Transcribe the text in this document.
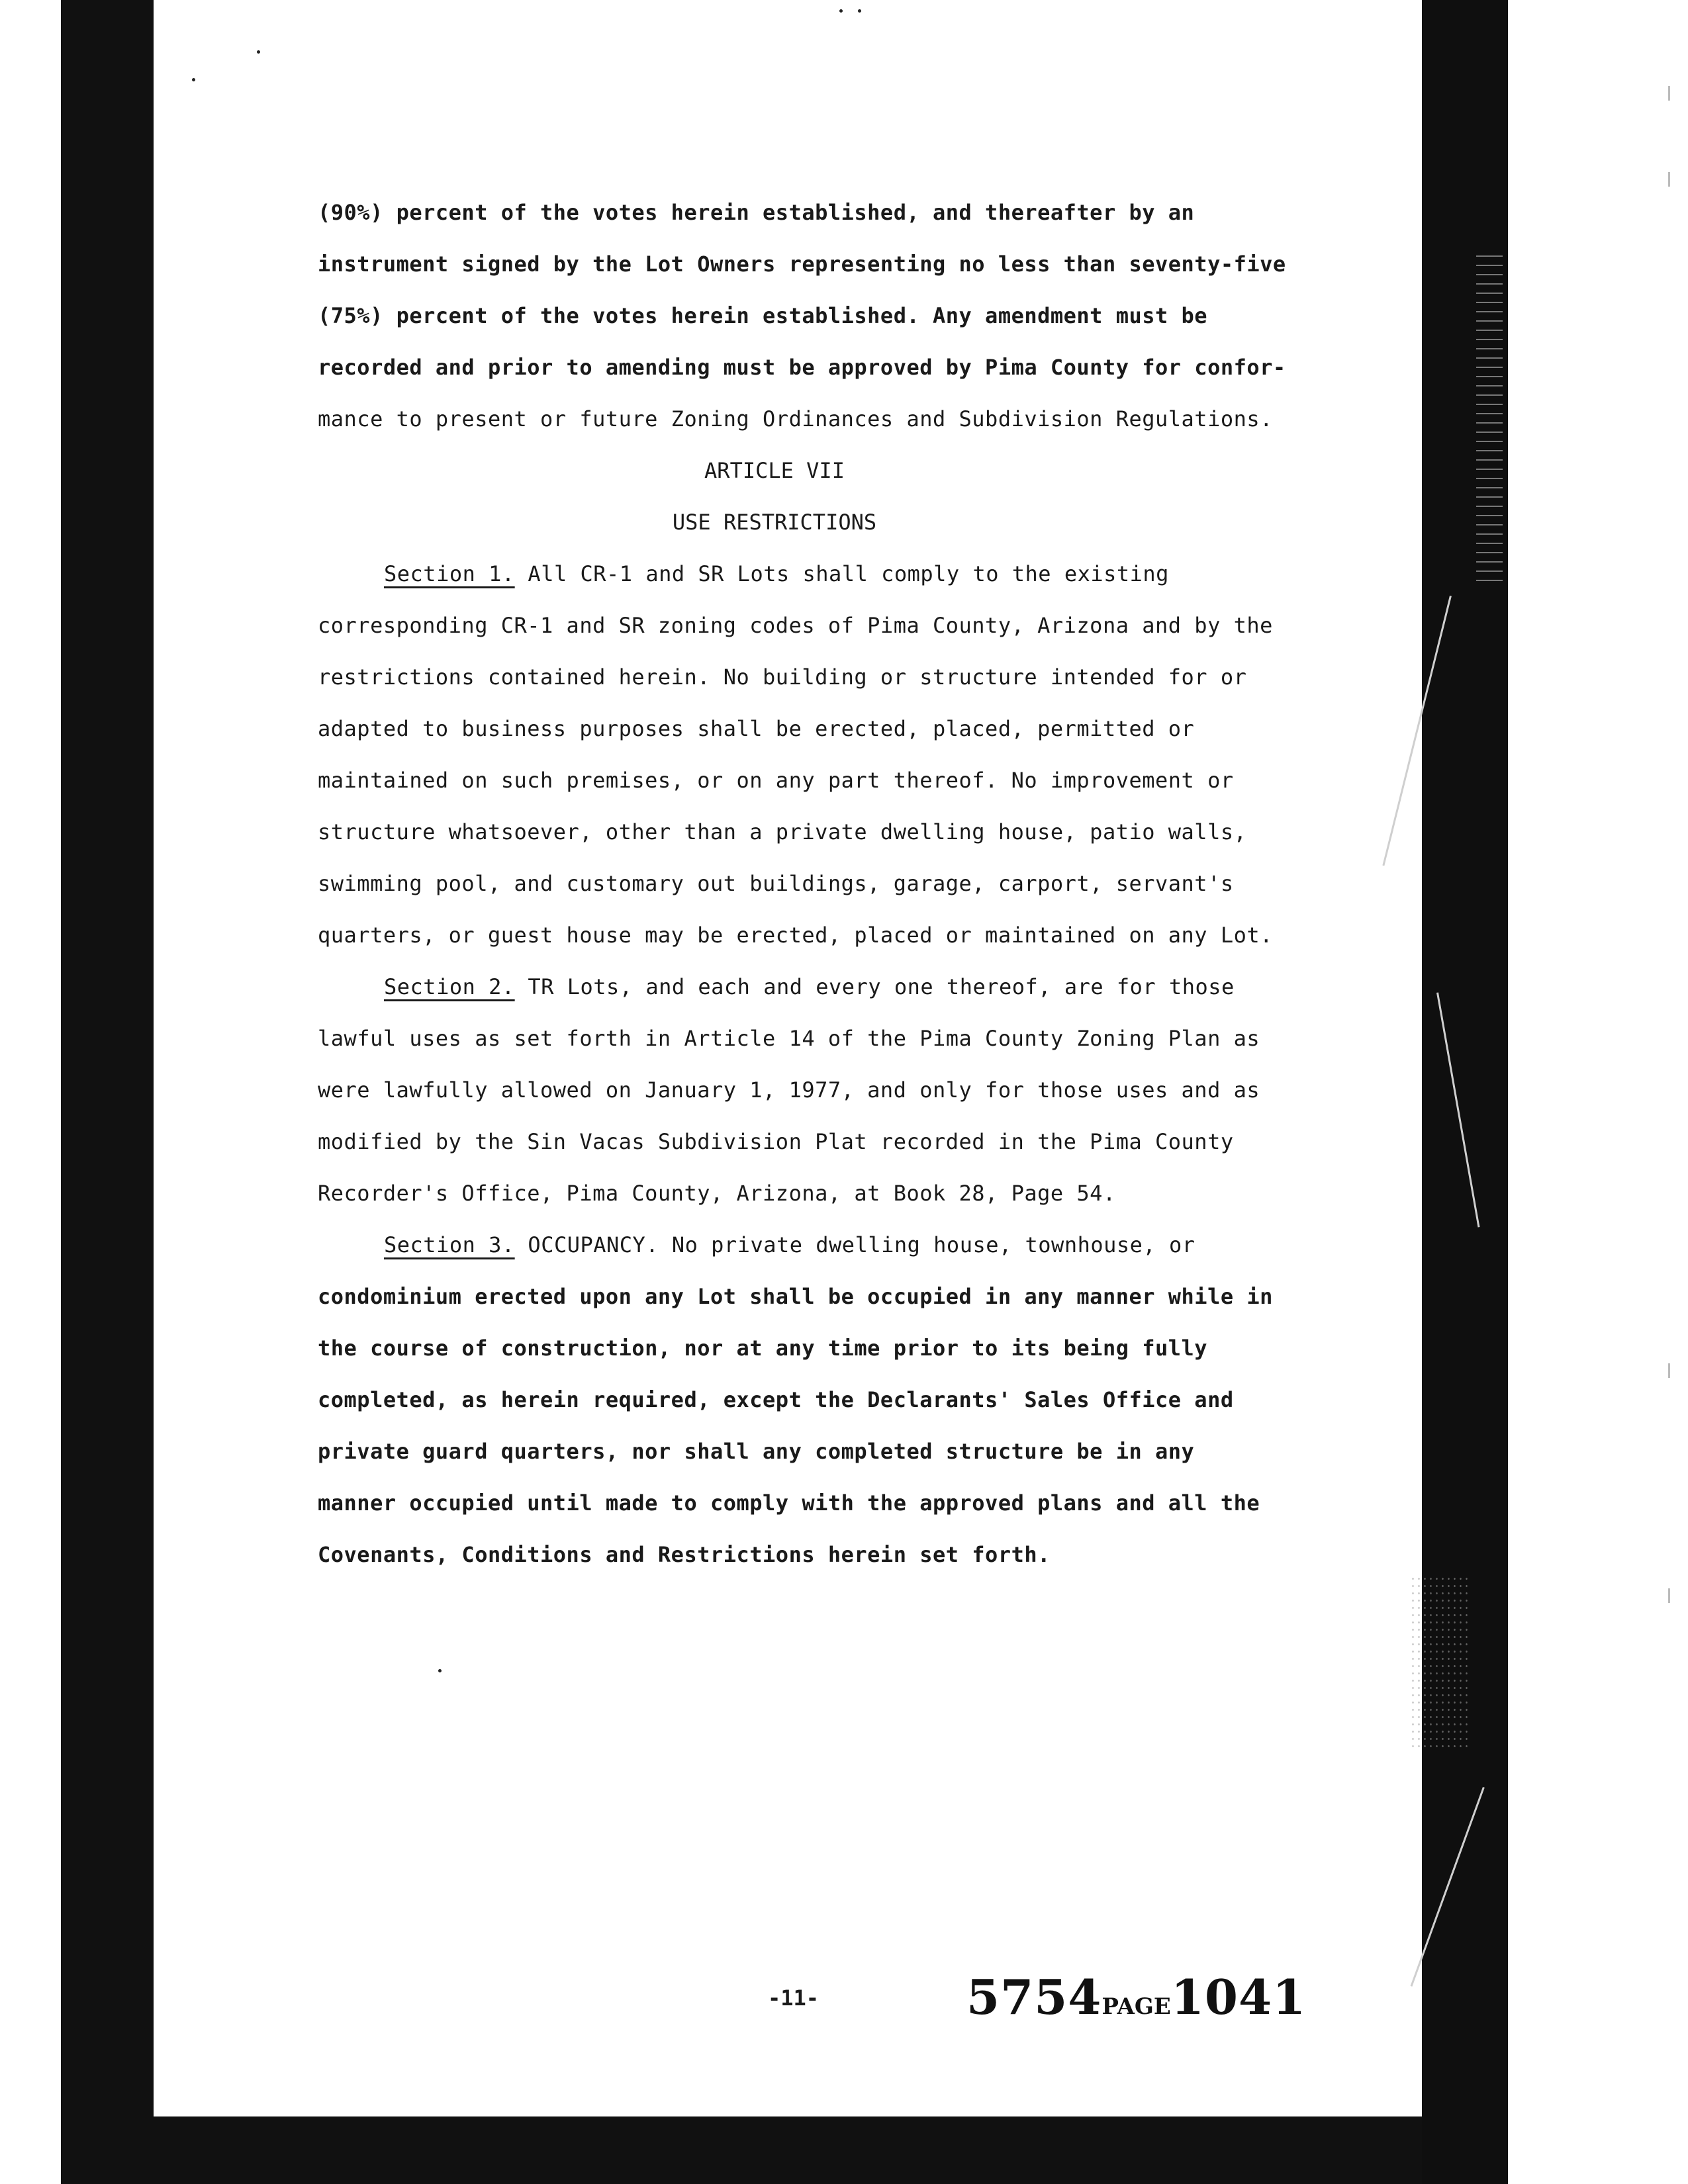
(90%) percent of the votes herein established, and thereafter by an
instrument signed by the Lot Owners representing no less than seventy-five
(75%) percent of the votes herein established. Any amendment must be
recorded and prior to amending must be approved by Pima County for confor-
mance to present or future Zoning Ordinances and Subdivision Regulations.
ARTICLE VII
USE RESTRICTIONS
Section 1. All CR-1 and SR Lots shall comply to the existing
corresponding CR-1 and SR zoning codes of Pima County, Arizona and by the
restrictions contained herein. No building or structure intended for or
adapted to business purposes shall be erected, placed, permitted or
maintained on such premises, or on any part thereof. No improvement or
structure whatsoever, other than a private dwelling house, patio walls,
swimming pool, and customary out buildings, garage, carport, servant's
quarters, or guest house may be erected, placed or maintained on any Lot.
Section 2. TR Lots, and each and every one thereof, are for those
lawful uses as set forth in Article 14 of the Pima County Zoning Plan as
were lawfully allowed on January 1, 1977, and only for those uses and as
modified by the Sin Vacas Subdivision Plat recorded in the Pima County
Recorder's Office, Pima County, Arizona, at Book 28, Page 54.
Section 3. OCCUPANCY. No private dwelling house, townhouse, or
condominium erected upon any Lot shall be occupied in any manner while in
the course of construction, nor at any time prior to its being fully
completed, as herein required, except the Declarants' Sales Office and
private guard quarters, nor shall any completed structure be in any
manner occupied until made to comply with the approved plans and all the
Covenants, Conditions and Restrictions herein set forth.
-11-	5754PAGE1041
